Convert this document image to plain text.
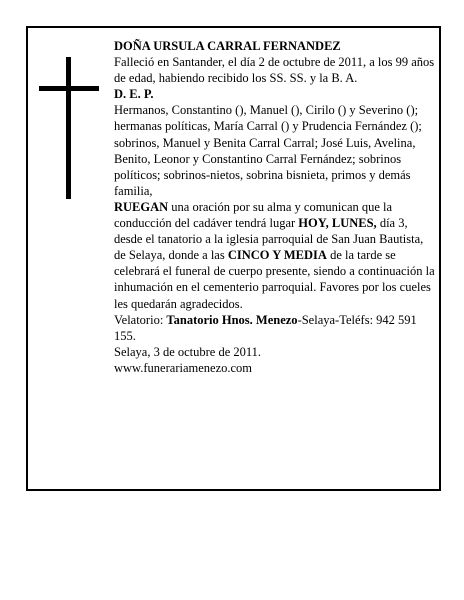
DOÑA URSULA CARRAL FERNANDEZ

Falleció en Santander, el día 2 de octubre de 2011, a los 99 años de edad, habiendo recibido los SS. SS. y la B. A.

D. E. P.

Hermanos, Constantino (), Manuel (), Cirilo () y Severino (); hermanas políticas, María Carral () y Prudencia Fernández (); sobrinos, Manuel y Benita Carral Carral; José Luis, Avelina, Benito, Leonor y Constantino Carral Fernández; sobrinos políticos; sobrinos-nietos, sobrina bisnieta, primos y demás familia,

RUEGAN una oración por su alma y comunican que la conducción del cadáver tendrá lugar HOY, LUNES, día 3, desde el tanatorio a la iglesia parroquial de San Juan Bautista, de Selaya, donde a las CINCO Y MEDIA de la tarde se celebrará el funeral de cuerpo presente, siendo a continuación la inhumación en el cementerio parroquial. Favores por los cueles les quedarán agradecidos.

Velatorio: Tanatorio Hnos. Menezo-Selaya-Teléfs: 942 591 155.

Selaya, 3 de octubre de 2011.

www.funerariamenezo.com
